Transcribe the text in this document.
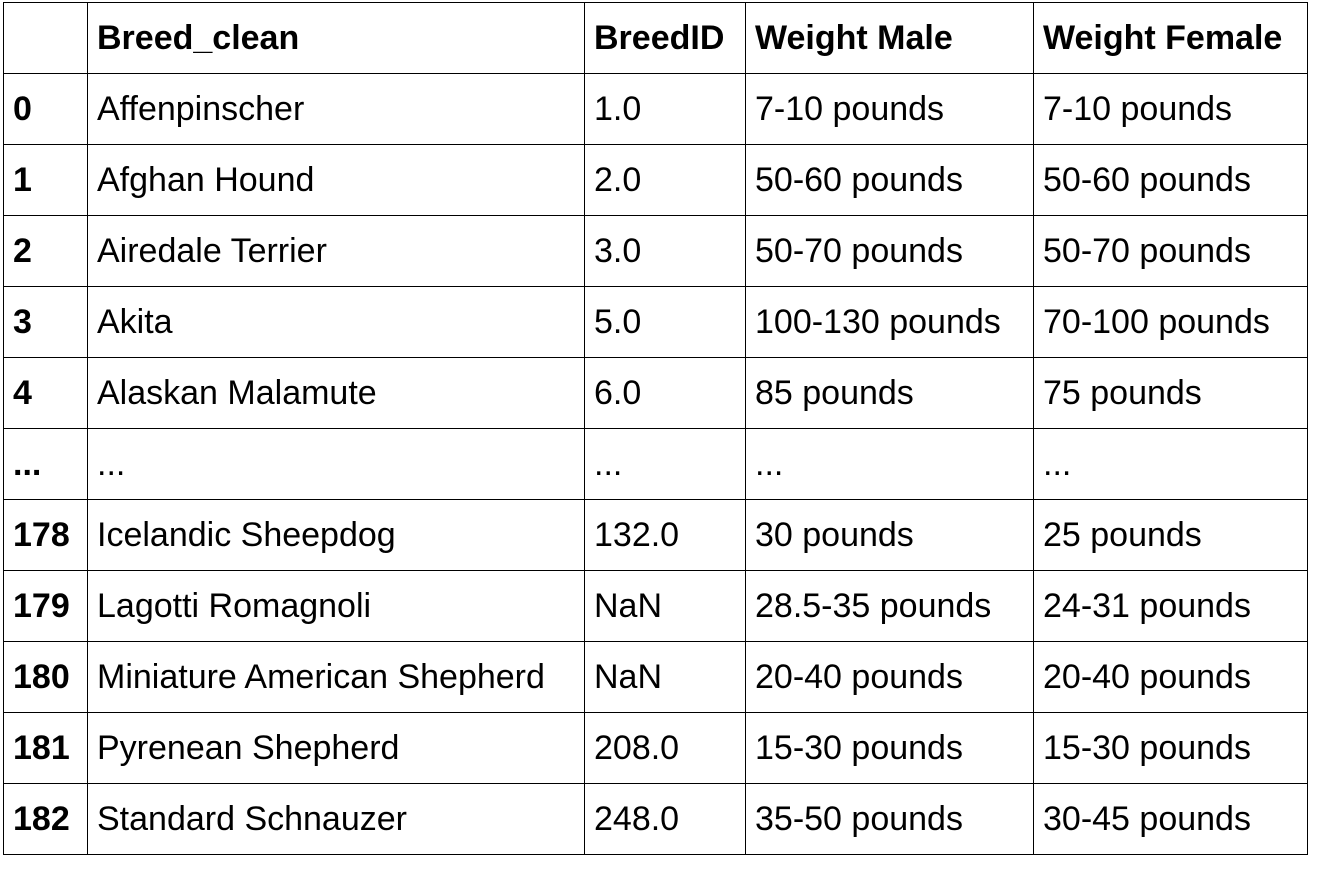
	Breed_clean	BreedID	Weight Male	Weight Female
0	Affenpinscher	1.0	7-10 pounds	7-10 pounds
1	Afghan Hound	2.0	50-60 pounds	50-60 pounds
2	Airedale Terrier	3.0	50-70 pounds	50-70 pounds
3	Akita	5.0	100-130 pounds	70-100 pounds
4	Alaskan Malamute	6.0	85 pounds	75 pounds
...	...	...	...	...
178	Icelandic Sheepdog	132.0	30 pounds	25 pounds
179	Lagotti Romagnoli	NaN	28.5-35 pounds	24-31 pounds
180	Miniature American Shepherd	NaN	20-40 pounds	20-40 pounds
181	Pyrenean Shepherd	208.0	15-30 pounds	15-30 pounds
182	Standard Schnauzer	248.0	35-50 pounds	30-45 pounds
